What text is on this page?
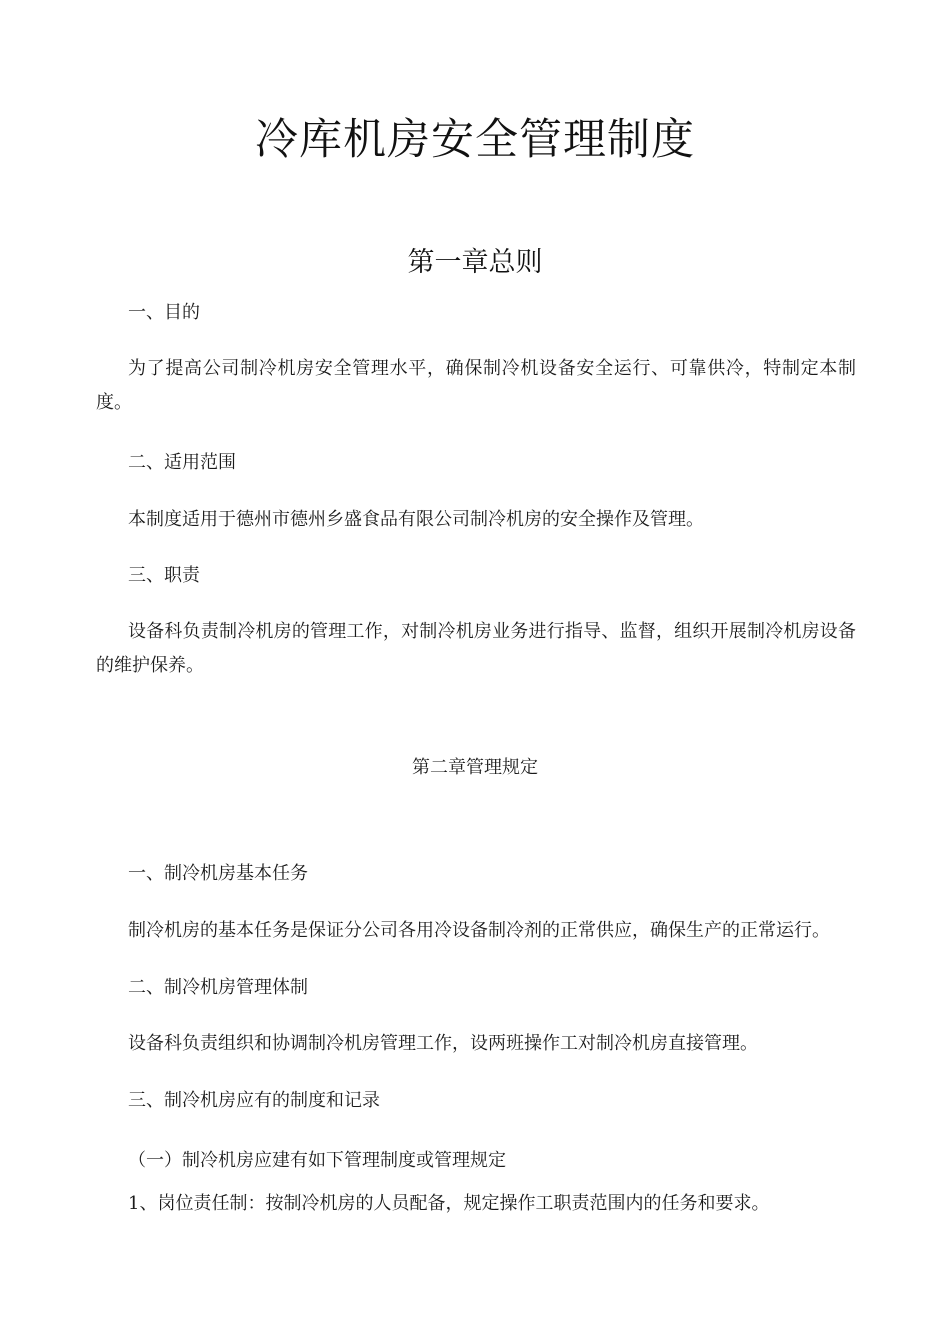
冷库机房安全管理制度
第一章总则

一、目的

为了提高公司制冷机房安全管理水平，确保制冷机设备安全运行、可靠供冷，特制定本制度。

二、适用范围

本制度适用于德州市德州乡盛食品有限公司制冷机房的安全操作及管理。

三、职责

设备科负责制冷机房的管理工作，对制冷机房业务进行指导、监督，组织开展制冷机房设备的维护保养。

第二章管理规定

一、制冷机房基本任务

制冷机房的基本任务是保证分公司各用冷设备制冷剂的正常供应，确保生产的正常运行。

二、制冷机房管理体制

设备科负责组织和协调制冷机房管理工作，设两班操作工对制冷机房直接管理。

三、制冷机房应有的制度和记录

（一）制冷机房应建有如下管理制度或管理规定

1、岗位责任制：按制冷机房的人员配备，规定操作工职责范围内的任务和要求。
